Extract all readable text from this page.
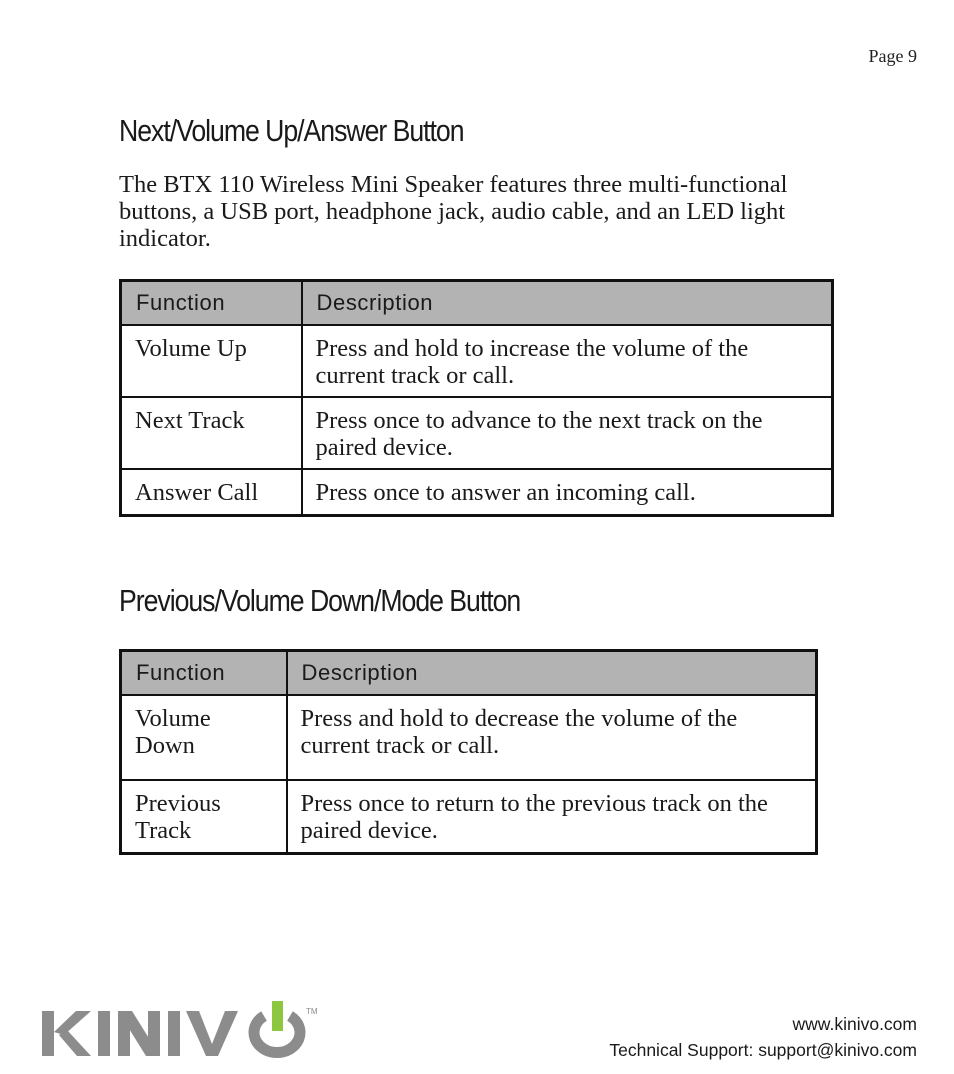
Page 9
Next/Volume Up/Answer Button

The BTX 110 Wireless Mini Speaker features three multi-functional buttons, a USB port, headphone jack, audio cable, and an LED light indicator.

Function	Description
Volume Up	Press and hold to increase the volume of the current track or call.
Next Track	Press once to advance to the next track on the paired device.
Answer Call	Press once to answer an incoming call.
Previous/Volume Down/Mode Button
Function	Description
Volume Down	Press and hold to decrease the volume of the current track or call.
Previous Track	Press once to return to the previous track on the paired device.
TM

www.kinivo.com

Technical Support: support@kinivo.com
